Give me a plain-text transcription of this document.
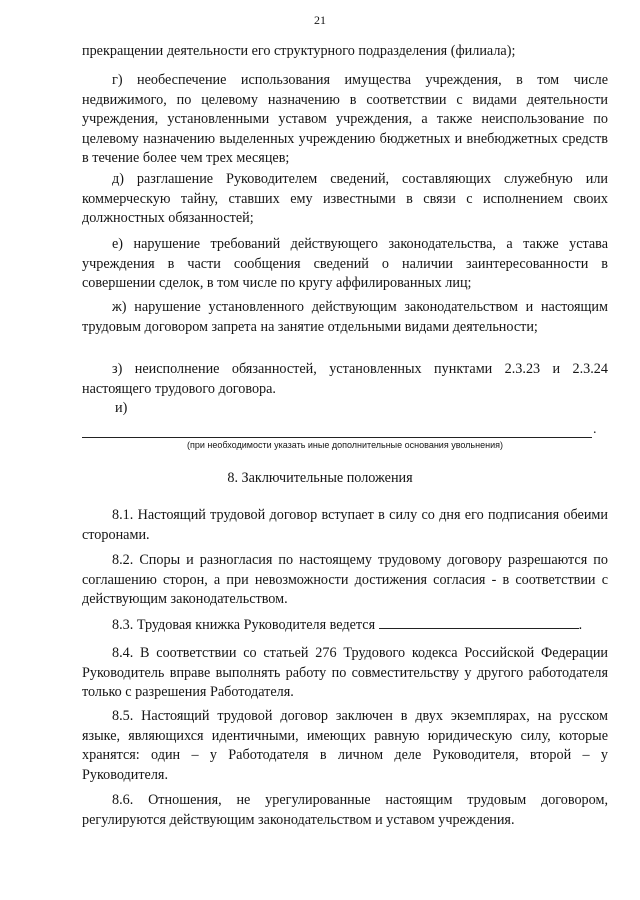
21

прекращении деятельности его структурного подразделения (филиала);

г) необеспечение использования имущества учреждения, в том числе недвижимого, по целевому назначению в соответствии с видами деятельности учреждения, установленными уставом учреждения, а также неиспользование по целевому назначению выделенных учреждению бюджетных и внебюджетных средств в течение более чем трех месяцев;

д) разглашение Руководителем сведений, составляющих служебную или коммерческую тайну, ставших ему известными в связи с исполнением своих должностных обязанностей;

е) нарушение требований действующего законодательства, а также устава учреждения в части сообщения сведений о наличии заинтересованности в совершении сделок, в том числе по кругу аффилированных лиц;

ж) нарушение установленного действующим законодательством и настоящим трудовым договором запрета на занятие отдельными видами деятельности;

з) неисполнение обязанностей, установленных пунктами 2.3.23 и 2.3.24 настоящего трудового договора.

и)
.
(при необходимости указать иные дополнительные основания увольнения)
8. Заключительные положения

8.1. Настоящий трудовой договор вступает в силу со дня его подписания обеими сторонами.

8.2. Споры и разногласия по настоящему трудовому договору разрешаются по соглашению сторон, а при невозможности достижения согласия - в соответствии с действующим законодательством.

8.3. Трудовая книжка Руководителя ведется	.

8.4. В соответствии со статьей 276 Трудового кодекса Российской Федерации Руководитель вправе выполнять работу по совместительству у другого работодателя только с разрешения Работодателя.

8.5. Настоящий трудовой договор заключен в двух экземплярах, на русском языке, являющихся идентичными, имеющих равную юридическую силу, которые хранятся: один – у Работодателя в личном деле Руководителя, второй – у Руководителя.

8.6. Отношения, не урегулированные настоящим трудовым договором, регулируются действующим законодательством и уставом учреждения.
